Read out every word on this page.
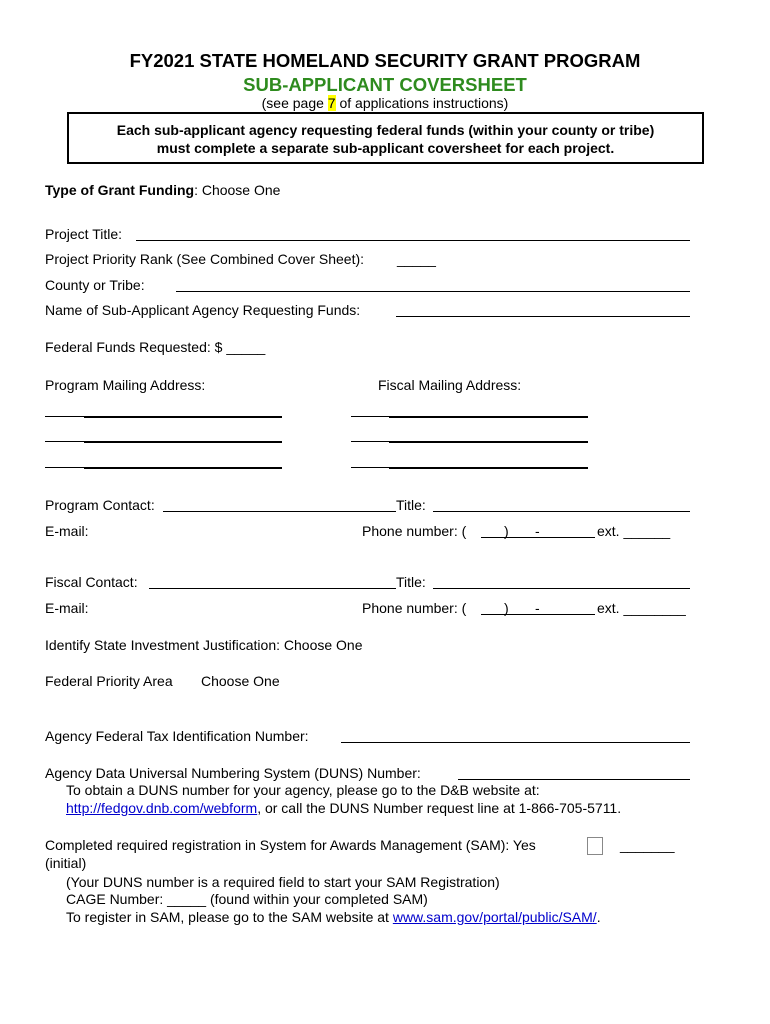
FY2021 STATE HOMELAND SECURITY GRANT PROGRAM
SUB-APPLICANT COVERSHEET
(see page 7 of applications instructions)
Each sub-applicant agency requesting federal funds (within your county or tribe)
must complete a separate sub-applicant coversheet for each project.
Type of Grant Funding: Choose One
Project Title:
Project Priority Rank (See Combined Cover Sheet): _____
County or Tribe:
Name of Sub-Applicant Agency Requesting Funds:
Federal Funds Requested: $ _____
Program Mailing Address:	Fiscal Mailing Address:
Program Contact:	Title:
E-mail:	Phone number: (	) -	ext. ______
Fiscal Contact:	Title:
E-mail:	Phone number: (	) -	ext. ________
Identify State Investment Justification: Choose One
Federal Priority Area Choose One
Agency Federal Tax Identification Number:
Agency Data Universal Numbering System (DUNS) Number:
To obtain a DUNS number for your agency, please go to the D&B website at:
http://fedgov.dnb.com/webform, or call the DUNS Number request line at 1-866-705-5711.
Completed required registration in System for Awards Management (SAM): Yes	_______
(initial)
(Your DUNS number is a required field to start your SAM Registration)
CAGE Number: _____ (found within your completed SAM)
To register in SAM, please go to the SAM website at www.sam.gov/portal/public/SAM/.
